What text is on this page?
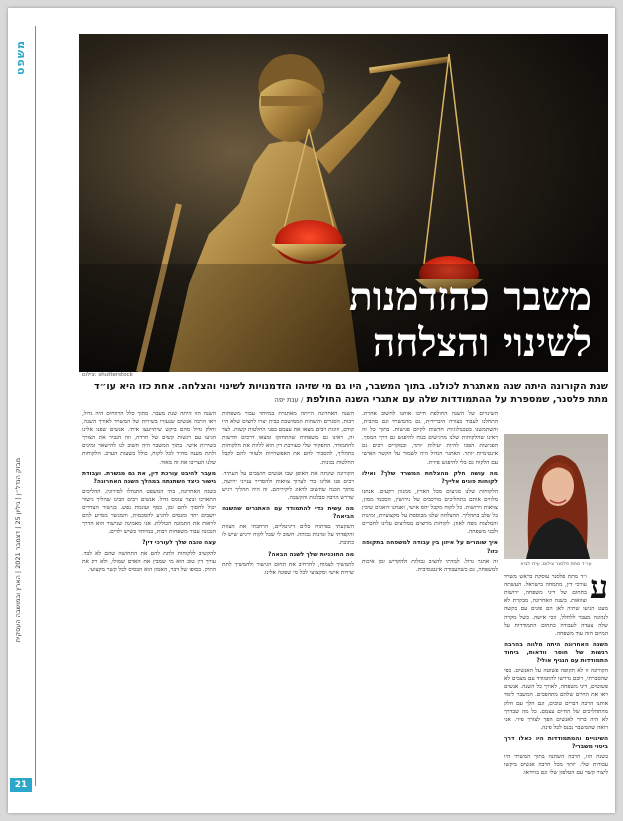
משפט
מבזק הנדל״ן | גיליון 25 | דצמבר 2021 | הארץ ובמושבה העסקית
21
משבר כהזדמנות
לשינוי והצלחה
צילום: shutterstock
שנת הקורונה היתה שנה מאתגרת לכולנו. בתוך המשבר, היו גם מי שזיהו הזדמנויות לשינוי והצלחה. אחת כזו היא עו״ד מתת פלסנר, שמספרת על ההתמודדות שלה עם אתגרי השנה החולפת / ענת יפה
עו״ד מתת פלסנר צילום: עידו לביא

ע
ו״ד מתת פלסנר עוסקת בראש משרד עורכי דין, מתמחה בישראל. העשתה בתחום של דיני משפחה, ירושות וצוואות. בשנה האחרונה, מבקרת לא מעט הגיעו שתיה לאן הם פונים עם בקשה לנהוגה מעבר ללחלל, זוכי אישה. כשל מקרה שלה צעדה לעבודה בתחום התמודדות על המיזם הזה עוד משפחה.

השנה האחרונה היתה מלווה בהרבה רגשות של חוסר וודאות, ביחוד התמודדות עם הנגיף אולי?

הקורונה זו לא תקופה פשוטה על האנשים. כפי שהסברתי, רובם נדרשו להתמודד עם מצבים לא פשוטים, דיני משפחה, לאורך כל השנה. אנשים ראו את החיים שלהם מתהפכים. המשבר לימד אותנו הרבה דברים טובים, וגם הלך עם חלק מהתהליכים של החיים עצמם. כל מה שבדרך לא היה ברור לאנשים הפך לצורך פיזי. אני רואה שהמשבר נכנס לכל פינה.

השינויים והמתמודדות היו כאלו דרך ביטוי משברי?

בשנה הזו, הרבה השתנה בתוך המשרד היו עבודות שלי. יותר מכל הרבה אנשים ביקשו ליצור קשר עם הטלפון שלי וגם בווידאו.

השינויים של השנה החולפת חייבו אותנו לחשוב אחרת. התחלנו לעבוד בצורה היברידית, גם מהמשרד וגם מהבית, והשתמשנו בטכנולוגיות חדשות לקיום פגישות. בתוך כל זה ראינו שהלקוחות שלנו מרגישים בנוח להיפגש גם דרך המסך. הפגישות הפכו להיות יעילות יותר, ובמקרים רבים גם אינטימיות יותר. האתגר הגדול היה לשמור על הקשר האישי עם הלקוח גם בלי להיפגש פיזית.

מה עושה חלק מהצלחת המשרד שלך? ואילו לקוחות פונים אלייך?

הלקוחות שלנו מגיעים מכל הארץ, ממגוון רקעים. אנחנו מלווים אותם בתהליכים מורכבים של גירושין, הסכמי ממון, צוואות וירושות. כל לקוח מקבל יחס אישי, ואנחנו דואגים שיבין כל שלב בתהליך. ההצלחה שלנו מבוססת על מקצועיות, זמינות והמלצות מפה לאוזן. לקוחות מרוצים ממליצים עלינו לחברים ולבני משפחה.

איך שומרים על איזון בין עבודה למשפחה בתקופה כזו?

זה אתגר גדול. למדתי להציב גבולות ולהקדיש זמן איכות למשפחה, גם כשהעבודה אינטנסיבית.

השנה האחרונה הייתה מאתגרת במיוחד עבור משפחות רבות. הסגרים והשהות הממושכת בבית יצרו לחצים שלא היו קודם, וזוגות רבים מצאו את עצמם בפני החלטות קשות. לצד זה, ראינו גם משפחות שהתחזקו ומצאו דרכים חדשות להתמודד. התפקיד שלי כעורכת דין הוא ללוות את הלקוחות בתהליך, להסביר להם את האפשרויות ולעזור להם לקבל החלטות נכונות.

הקורונה שינתה את האופן שבו אנשים חושבים על העתיד. רבים פנו אלינו כדי לערוך צוואות ולהסדיר ענייני ירושה, מתוך הבנה שחשוב לדאוג ליקיריהם. זה היה תהליך רגיש שדרש הרבה סבלנות והקשבה.

מה עשית כדי להתמודד עם האתגרים שהשנה הביאה?

השקעתי בפיתוח כלים דיגיטליים, הרחבתי את הצוות והקפדתי על זמינות גבוהה. חשוב לי שכל לקוח ירגיש שיש לו כתובת.

מה התוכניות שלך לשנה הבאה?

להמשיך לצמוח, להרחיב את תחום הגישור ולהמשיך לתת שירות אישי ומקצועי לכל מי שפונה אלינו.

השנה הזו היתה שנת מעבר. מתוך כלל הרווחים היה גדול, ראו הרבה אנשים שנעזרו בשירות של המשרד לאורך השנה, וחלק גדול מהם ביקש שיתייעצו איתי. אנשים שפנו אלינו הגיעו עם רגשות קשים של חרדה, וזה הגביר את הצורך בשירות אישי. בתוך המשבר היה חשוב לנו להישאר זמינים ולתת מענה מהיר לכל לקוח, כולל בשעות הערב. הלקוחות שלנו העריכו את זה מאוד.

מעבר להיבט עורכת דין, את גם מגשרת. ועבודת גישור כיצד השתנתה במהלך השנה האחרונה?

בשנה האחרונה, בתי המשפט התנהלו לסירוגין. ההליכים התארכו ונוצר עומס גדול. אנשים רבים הבינו שהליך גישור יכול לחסוך להם זמן, כסף ועוגמת נפש. בגישור הצדדים יושבים יחד ומנסים להגיע להסכמות, והמגשר מסייע להם לראות את התמונה הכוללת. אני מאמינה שגישור הוא הדרך הנכונה עבור משפחות רבות, במיוחד כשיש ילדים.

עצה טובה שלך לעורכי דין?

להקשיב ללקוחות ולתת להם את התחושה שהם לא לבד. עורך דין טוב הוא מי שמבין את האדם שמולו, ולא רק את התיק. בסופו של דבר, האמון הוא הבסיס לכל קשר מקצועי.
